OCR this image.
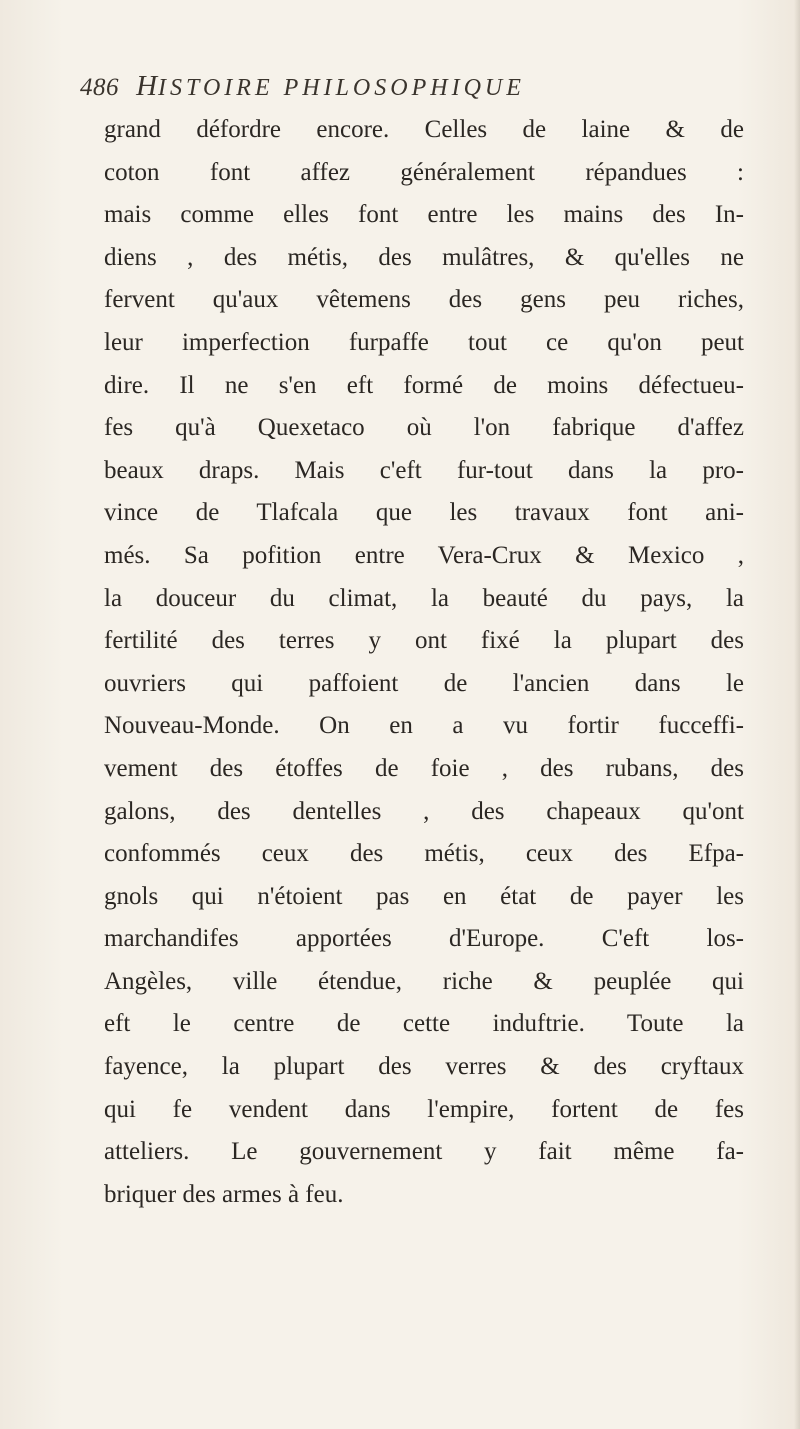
486 HISTOIRE PHILOSOPHIQUE
grand défordre encore. Celles de laine & de
coton font affez généralement répandues :
mais comme elles font entre les mains des In-
diens , des métis, des mulâtres, & qu'elles ne
fervent qu'aux vêtemens des gens peu riches,
leur imperfection furpaffe tout ce qu'on peut
dire. Il ne s'en eft formé de moins défectueu-
fes qu'à Quexetaco où l'on fabrique d'affez
beaux draps. Mais c'eft fur-tout dans la pro-
vince de Tlafcala que les travaux font ani-
més. Sa pofition entre Vera-Crux & Mexico ,
la douceur du climat, la beauté du pays, la
fertilité des terres y ont fixé la plupart des
ouvriers qui paffoient de l'ancien dans le
Nouveau-Monde. On en a vu fortir fucceffi-
vement des étoffes de foie , des rubans, des
galons, des dentelles , des chapeaux qu'ont
confommés ceux des métis, ceux des Efpa-
gnols qui n'étoient pas en état de payer les
marchandifes apportées d'Europe. C'eft los-
Angèles, ville étendue, riche & peuplée qui
eft le centre de cette induftrie. Toute la
fayence, la plupart des verres & des cryftaux
qui fe vendent dans l'empire, fortent de fes
atteliers. Le gouvernement y fait même fa-
briquer des armes à feu.
